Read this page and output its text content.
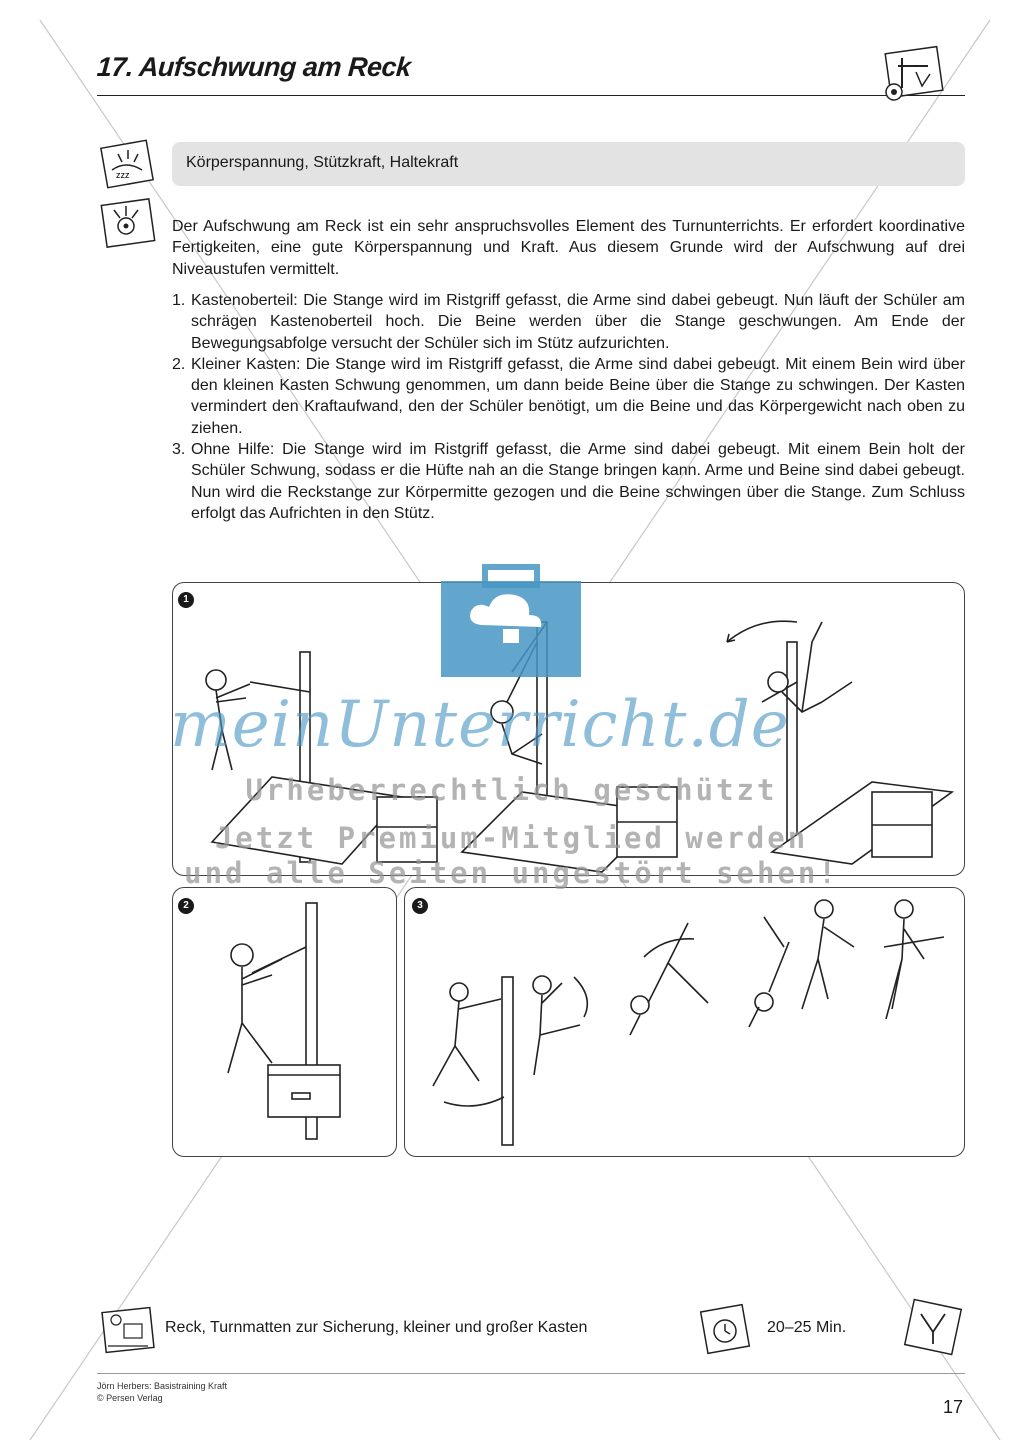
17. Aufschwung am Reck
zzz
Körperspannung, Stützkraft, Haltekraft
Der Aufschwung am Reck ist ein sehr anspruchsvolles Element des Turnunterrichts. Er erfordert koordinative Fertigkeiten, eine gute Körperspannung und Kraft. Aus diesem Grunde wird der Aufschwung auf drei Niveaustufen vermittelt.
1. Kastenoberteil: Die Stange wird im Ristgriff gefasst, die Arme sind dabei gebeugt. Nun läuft der Schüler am schrägen Kastenoberteil hoch. Die Beine werden über die Stange geschwungen. Am Ende der Bewegungsabfolge versucht der Schüler sich im Stütz aufzurichten.
2. Kleiner Kasten: Die Stange wird im Ristgriff gefasst, die Arme sind dabei gebeugt. Mit einem Bein wird über den kleinen Kasten Schwung genommen, um dann beide Beine über die Stange zu schwingen. Der Kasten vermindert den Kraftaufwand, den der Schüler benötigt, um die Beine und das Körpergewicht nach oben zu ziehen.
3. Ohne Hilfe: Die Stange wird im Ristgriff gefasst, die Arme sind dabei gebeugt. Mit einem Bein holt der Schüler Schwung, sodass er die Hüfte nah an die Stange bringen kann. Arme und Beine sind dabei gebeugt. Nun wird die Reckstange zur Körpermitte gezogen und die Beine schwingen über die Stange. Zum Schluss erfolgt das Aufrichten in den Stütz.
1
2	3
meinUnterricht.de
Urheberrechtlich geschützt
Jetzt Premium-Mitglied werden
und alle Seiten ungestört sehen!
Reck, Turnmatten zur Sicherung, kleiner und großer Kasten	20–25 Min.
Jörn Herbers: Basistraining Kraft
© Persen Verlag	17
